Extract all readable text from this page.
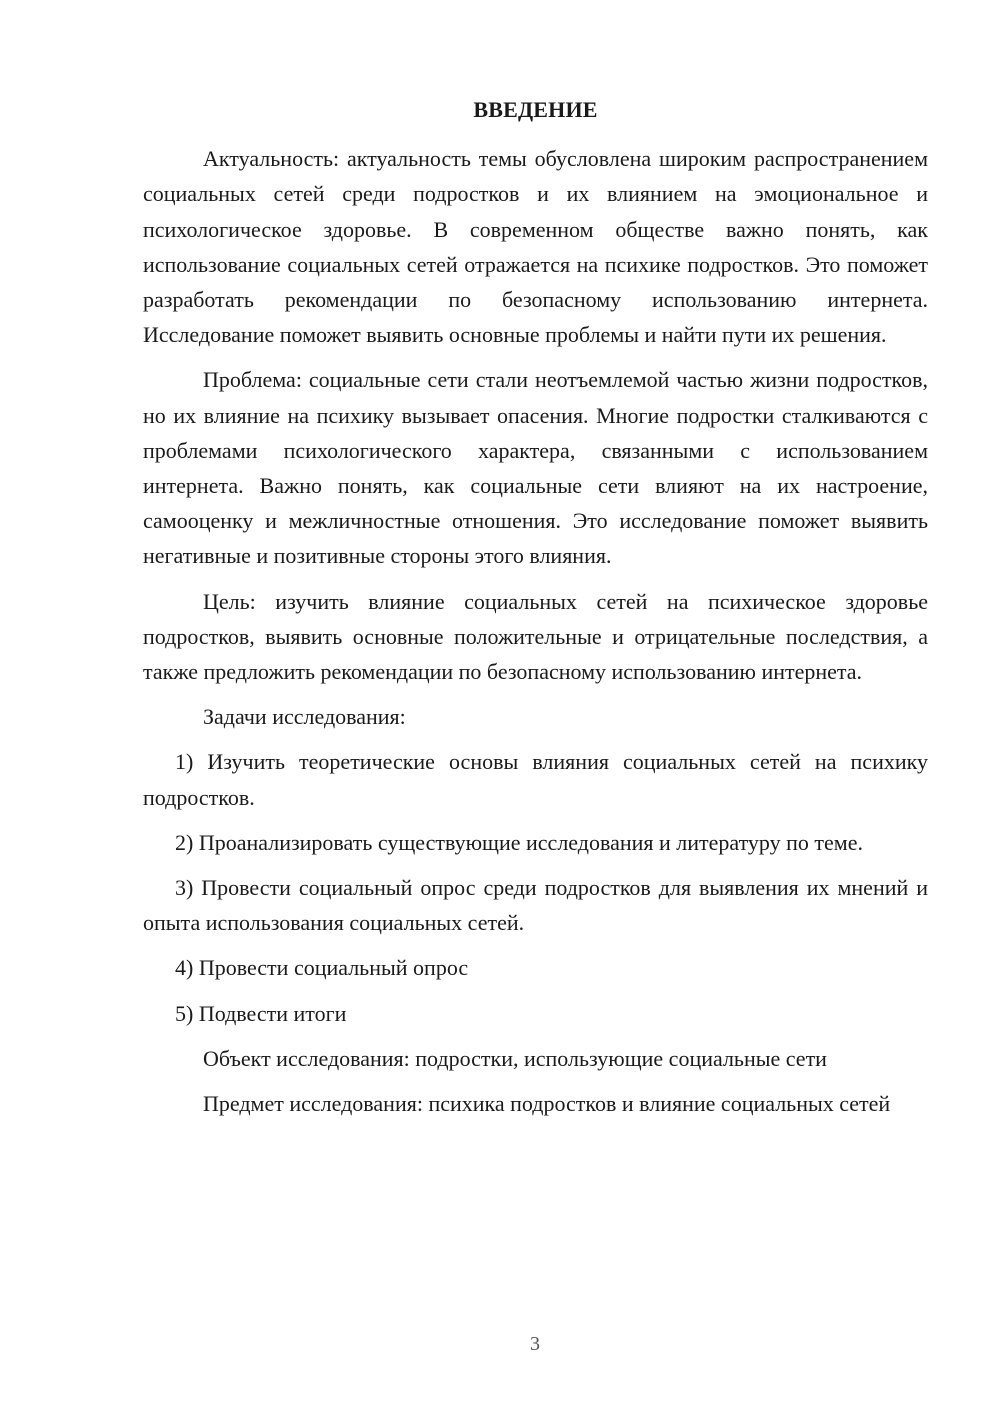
ВВЕДЕНИЕ

Актуальность: актуальность темы обусловлена широким распространением социальных сетей среди подростков и их влиянием на эмоциональное и психологическое здоровье. В современном обществе важно понять, как использование социальных сетей отражается на психике подростков. Это поможет разработать рекомендации по безопасному использованию интернета. Исследование поможет выявить основные проблемы и найти пути их решения.

Проблема: социальные сети стали неотъемлемой частью жизни подростков, но их влияние на психику вызывает опасения. Многие подростки сталкиваются с проблемами психологического характера, связанными с использованием интернета. Важно понять, как социальные сети влияют на их настроение, самооценку и межличностные отношения. Это исследование поможет выявить негативные и позитивные стороны этого влияния.

Цель: изучить влияние социальных сетей на психическое здоровье подростков, выявить основные положительные и отрицательные последствия, а также предложить рекомендации по безопасному использованию интернета.

Задачи исследования:

1) Изучить теоретические основы влияния социальных сетей на психику подростков.

2) Проанализировать существующие исследования и литературу по теме.

3) Провести социальный опрос среди подростков для выявления их мнений и опыта использования социальных сетей.

4) Провести социальный опрос

5) Подвести итоги

Объект исследования: подростки, использующие социальные сети

Предмет исследования: психика подростков и влияние социальных сетей

3
